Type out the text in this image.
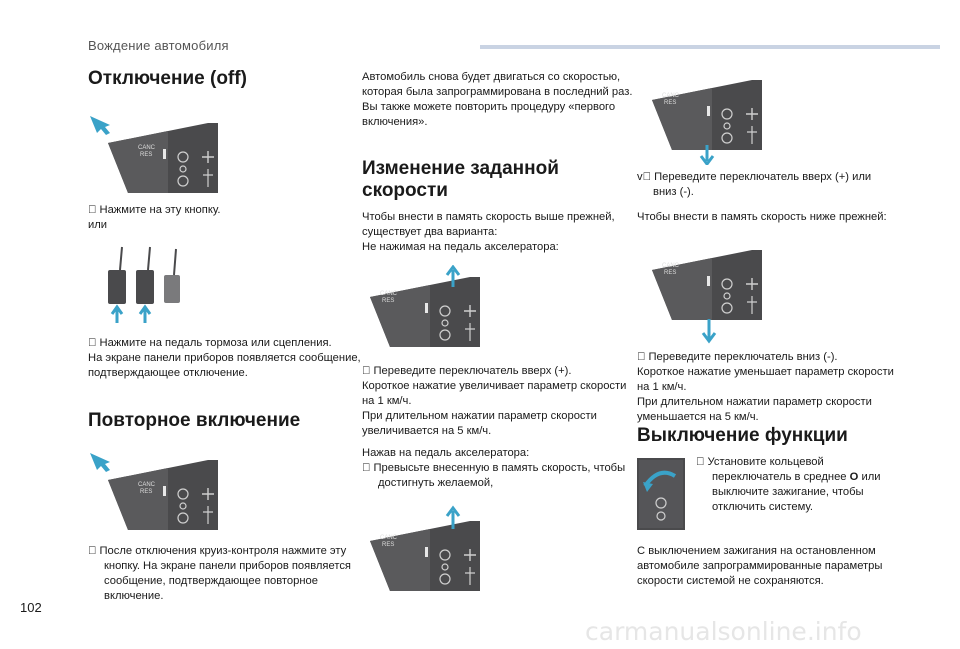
Вождение автомобиля
Отключение (off)
CANC
RES

Нажмите на эту кнопку.

или

Нажмите на педаль тормоза или сцепления.

На экране панели приборов появляется сообщение,

подтверждающее отключение.

Повторное включение
CANC
RES

После отключения круиз-контроля нажмите эту

кнопку. На экране панели приборов появляется

сообщение, подтверждающее повторное

включение.

Автомобиль снова будет двигаться со скоростью,

которая была запрограммирована в последний раз.

Вы также можете повторить процедуру «первого

включения».

Изменение заданной
скорости

Чтобы внести в память скорость выше прежней,

существует два варианта:

Не нажимая на педаль акселератора:

CANC
RES

Переведите переключатель вверх (+).

Короткое нажатие увеличивает параметр скорости

на 1 км/ч.

При длительном нажатии параметр скорости

увеличивается на 5 км/ч.

Нажав на педаль акселератора:

Превысьте внесенную в память скорость, чтобы

достигнуть желаемой,

CANC
RES
CANC
RES

v Переведите переключатель вверх (+) или

вниз (-).

Чтобы внести в память скорость ниже прежней:

CANC
RES

Переведите переключатель вниз (-).

Короткое нажатие уменьшает параметр скорости

на 1 км/ч.

При длительном нажатии параметр скорости

уменьшается на 5 км/ч.

Выключение функции

Установите кольцевой

переключатель в среднее O или

выключите зажигание, чтобы

отключить систему.

С выключением зажигания на остановленном

автомобиле запрограммированные параметры

скорости системой не сохраняются.

102
carmanualsonline.info
